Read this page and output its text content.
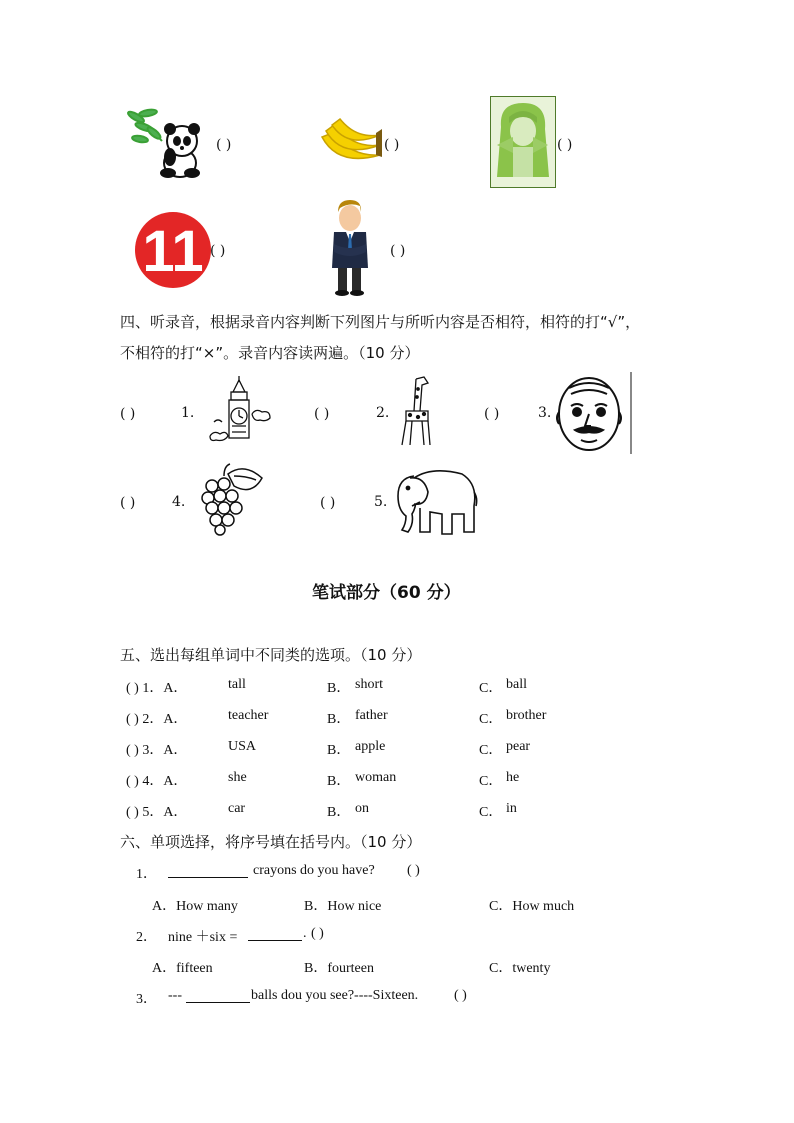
( )	( )	( )
11 ( )	( )
四、听录音，根据录音内容判断下列图片与所听内容是否相符，相符的打“√”，
不相符的打“×”。录音内容读两遍。（10 分）
( )	1.	( )	2.	( )	3.
( )	4.	( )	5.
笔试部分（60 分）
五、选出每组单词中不同类的选项。（10 分）
( ) 1．A．	tall	B． short	C． ball
( ) 2．A．	teacher	B． father	C． brother
( ) 3．A．	USA	B． apple	C． pear
( ) 4．A．	she	B． woman	C． he
( ) 5．A．	car	B． on	C． in
六、单项选择，将序号填在括号内。（10 分）
1．	crayons do you have? ( )
A．How many	B．How nice	C．How much
2． nine ＋six =	. ( )
A．fifteen	B．fourteen	C．twenty
3． ---	balls dou you see?----Sixteen.	( )
